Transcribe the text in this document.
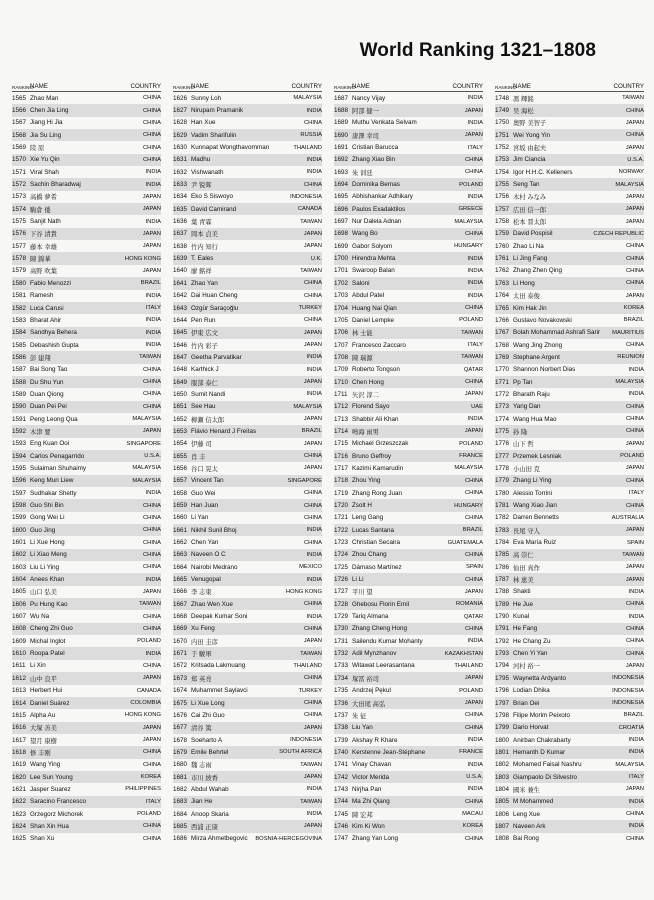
World Ranking 1321–1808
RANKING
NAME	COUNTRY
1565 Zhao Man	CHINA
1566 Chen Jia Ling	CHINA
1567 Jiang Hi Jia	CHINA
1568 Jia Su Ling	CHINA
1569 陸 原	CHINA
1570 Xie Yu Qin	CHINA
1571 Viral Shah	INDIA
1572 Sachin Bharadwaj	INDIA
1573 高橋 夢希	JAPAN
1574 駒倉 倭	JAPAN
1575 Sanjit Nath	INDIA
1576 下谷 清貴	JAPAN
1577 藤本 幸雄	JAPAN
1578 陳 錦華	HONG KONG
1579 高野 吹葉	JAPAN
1580 Fabio Menozzi	BRAZIL
1581 Ramesh	INDIA
1582 Luca Carusi	ITALY
1583 Bharat Ahir	INDIA
1584 Sandhya Behera	INDIA
1585 Debashish Gupta	INDIA
1586 彭 建翔	TAIWAN
1587 Bai Song Tao	CHINA
1588 Du Shu Yun	CHINA
1589 Duan Qiong	CHINA
1590 Duan Pei Pei	CHINA
1591 Peng Leong Qua	MALAYSIA
1592 木津 要	JAPAN
1593 Eng Kuan Ooi	SINGAPORE
1594 Carlos Penagarrido	U.S.A.
1595 Sulaiman Shuhaimy	MALAYSIA
1596 Keng Mun Liew	MALAYSIA
1597 Sudhakar Shetty	INDIA
1598 Guo Shi Bin	CHINA
1599 Gong Wei Li	CHINA
1600 Guo Jing	CHINA
1601 Li Xue Hong	CHINA
1602 Li Xiao Meng	CHINA
1603 Liu Li Ying	CHINA
1604 Anees Khan	INDIA
1605 山口 弘美	JAPAN
1606 Pu Hung Kao	TAIWAN
1607 Wu Na	CHINA
1608 Cheng Zhi Guo	CHINA
1609 Michal Inglot	POLAND
1610 Roopa Patel	INDIA
1611 Li Xin	CHINA
1612 山中 良平	JAPAN
1613 Herbert Hui	CANADA
1614 Daniel Suárez	COLOMBIA
1615 Alpha Au	HONG KONG
1616 大塚 善美	JAPAN
1617 望月 康樹	JAPAN
1618 修 丰刚	CHINA
1619 Wang Ying	CHINA
1620 Lee Sun Young	KOREA
1621 Jasper Suarez	PHILIPPINES
1622 Saracino Francesco	ITALY
1623 Grzegorz Michorek	POLAND
1624 Shan Xin Hua	CHINA
1625 Shan Xu	CHINA
RANKING
NAME	COUNTRY
1626 Sunny Loh	MALAYSIA
1627 Nirupam Pramanik	INDIA
1628 Han Xue	CHINA
1629 Vadim Sharifulin	RUSSIA
1630 Kunnapat Wongthavornman	THAILAND
1631 Madhu	INDIA
1632 Vishwanath	INDIA
1633 尹 锐晖	CHINA
1634 Eko S Siswoyo	INDONESIA
1635 David Camirand	CANADA
1636 葉 青霖	TAIWAN
1637 岡本 貞美	JAPAN
1638 竹内 知行	JAPAN
1639 T. Eales	U.K.
1640 廖 銘祥	TAIWAN
1641 Zhao Yan	CHINA
1642 Dai Huan Cheng	CHINA
1643 Özgür Saraçoğlu	TURKEY
1644 Pen Run	CHINA
1645 伊東 広文	JAPAN
1646 竹内 彩子	JAPAN
1647 Geetha Parvatikar	INDIA
1648 Karthick J	INDIA
1649 服部 泰仁	JAPAN
1650 Sumit Nandi	INDIA
1651 See Hau	MALAYSIA
1652 柳瀬 信太郎	JAPAN
1653 Flávio Henard J Freitas	BRAZIL
1654 伊藤 司	JAPAN
1655 肖 丰	CHINA
1656 谷口 晃太	JAPAN
1657 Vincent Tan	SINGAPORE
1658 Guo Wei	CHINA
1659 Han Juan	CHINA
1660 Li Yan	CHINA
1661 Nikhil Sunil Bhoj	INDIA
1662 Chen Yan	CHINA
1663 Naveen O C	INDIA
1664 Nairobi Medrano	MEXICO
1665 Venugopal	INDIA
1666 李 志東	HONG KONG
1667 Zhao Wen Xue	CHINA
1668 Deepak Kumar Soni	INDIA
1669 Xu Feng	CHINA
1670 内田 圭彦	JAPAN
1671 于 駿軍	TAIWAN
1672 Kritsada Lakmuang	THAILAND
1673 郑 英亮	CHINA
1674 Muhammet Saylavci	TURKEY
1675 Li Xue Long	CHINA
1676 Cai Zhi Guo	CHINA
1677 清谷 篤	JAPAN
1678 Soeharto A	INDONESIA
1679 Emile Behrtel	SOUTH AFRICA
1680 魏 志雨	TAIWAN
1681 市川 綾香	JAPAN
1682 Abdul Wahab	INDIA
1683 Jian He	TAIWAN
1684 Anoop Skaria	INDIA
1685 西浦 正康	JAPAN
1686 Mirza Ahmetbegovic	BOSNIA-HERCEGOVINA
RANKING
NAME	COUNTRY
1687 Nancy Vijay	INDIA
1688 阿部 健一	JAPAN
1689 Muthu Venkata Selvam	INDIA
1690 唐澤 幸司	JAPAN
1691 Cristian Barucca	ITALY
1692 Zhang Xiao Bin	CHINA
1693 朱 训廷	CHINA
1694 Dominika Bernas	POLAND
1695 Abhishankar Adhikary	INDIA
1696 Paulos Exadaktilos	GREECE
1697 Nur Dalela Adnan	MALAYSIA
1698 Wang Bo	CHINA
1699 Gabor Solyom	HUNGARY
1700 Hirendra Mehta	INDIA
1701 Swaroop Balan	INDIA
1702 Saloni	INDIA
1703 Abdul Patel	INDIA
1704 Huang Nai Qian	CHINA
1705 Daniel Lempke	POLAND
1706 林 士能	TAIWAN
1707 Francesco Zaccaro	ITALY
1708 陳 瑞源	TAIWAN
1709 Roberto Tongson	QATAR
1710 Chen Hong	CHINA
1711 矢沢 淳二	JAPAN
1712 Florend Sayo	UAE
1713 Shabbir Ali Khan	INDIA
1714 鳴海 雨男	JAPAN
1715 Michael Grzeszczak	POLAND
1716 Bruno Geffroy	FRANCE
1717 Kazimi Kamarudin	MALAYSIA
1718 Zhou Ying	CHINA
1719 Zhang Rong Juan	CHINA
1720 Zsolt H	HUNGARY
1721 Leng Gang	CHINA
1722 Lucas Santana	BRAZIL
1723 Christian Secaira	GUATEMALA
1724 Zhou Chang	CHINA
1725 Dámaso Martínez	SPAIN
1726 Li Li	CHINA
1727 平川 望	JAPAN
1728 Ghebosu Florin Emil	ROMANIA
1729 Tariq Almana	QATAR
1730 Zhang Cheng Hong	CHINA
1731 Sailendu Kumar Mohanty	INDIA
1732 Adil Mynzhanov	KAZAKHSTAN
1733 Witawat Leerasantana	THAILAND
1734 塚冨 裕司	JAPAN
1735 Andrzej Pękul	POLAND
1736 大田尾 高弘	JAPAN
1737 朱 征	CHINA
1738 Liu Yan	CHINA
1739 Akshay R Khare	INDIA
1740 Kerstenne Jean-Stéphane	FRANCE
1741 Vinay Chavan	INDIA
1742 Victor Merida	U.S.A.
1743 Nirjha Pan	INDIA
1744 Ma Zhi Qiang	CHINA
1745 陳 宏邦	MACAU
1746 Kim Ki Won	KOREA
1747 Zhang Yan Long	CHINA
RANKING
NAME	COUNTRY
1748 馮 輝銘	TAIWAN
1749 吴 海松	CHINA
1750 奥野 美智子	JAPAN
1751 Wei Yong Yin	CHINA
1752 宮坂 由起夫	JAPAN
1753 Jim Ciancia	U.S.A.
1754 Igor H.H.C. Kelleners	NORWAY
1755 Seng Tan	MALAYSIA
1756 木村 みなみ	JAPAN
1757 広田 信一郎	JAPAN
1758 松本 晋太郎	JAPAN
1759 David Pospisil	CZECH REPUBLIC
1760 Zhao Li Na	CHINA
1761 Li Jing Fang	CHINA
1762 Zhang Zhen Qing	CHINA
1763 Li Hong	CHINA
1764 太田 泰俊	JAPAN
1765 Kim Hak Jin	KOREA
1766 Gustavo Novakowski	BRAZIL
1767 Bolah Mohammad Ashrafi Sarir	MAURITIUS
1768 Wang Jing Zhong	CHINA
1769 Stephane Argent	REUNION
1770 Shannon Norbert Dias	INDIA
1771 Pp Tan	MALAYSIA
1772 Bharath Raju	INDIA
1773 Yang Dan	CHINA
1774 Wang Hua Mao	CHINA
1775 孙 隆	CHINA
1776 山下 哲	JAPAN
1777 Przemek Lesniak	POLAND
1778 小山田 克	JAPAN
1779 Zhang Li Ying	CHINA
1780 Alessio Torrini	ITALY
1781 Wang Xiao Jian	CHINA
1782 Darren Bennetts	AUSTRALIA
1783 長尾 守人	JAPAN
1784 Eva María Ruiz	SPAIN
1785 高 崇仁	TAIWAN
1786 仙田 真作	JAPAN
1787 林 恵美	JAPAN
1788 Shakti	INDIA
1789 He Jue	CHINA
1790 Kunal	INDIA
1791 He Fang	CHINA
1792 He Chang Zu	CHINA
1793 Chen Yi Yan	CHINA
1794 河村 裕一	JAPAN
1795 Waynetta Ardyanto	INDONESIA
1796 Lodian Dhika	INDONESIA
1797 Brian Oei	INDONESIA
1798 Filipe Morim Peixoto	BRAZIL
1799 Dario Horvat	CROATIA
1800 Anirban Chakrabarty	INDIA
1801 Hemanth D Kumar	INDIA
1802 Mohamed Faisal Nashru	MALAYSIA
1803 Giampaolo Di Silvestro	ITALY
1804 國米 兼生	JAPAN
1805 M Mohammed	INDIA
1806 Leng Xue	CHINA
1807 Naveen Ark	INDIA
1808 Bai Rong	CHINA
